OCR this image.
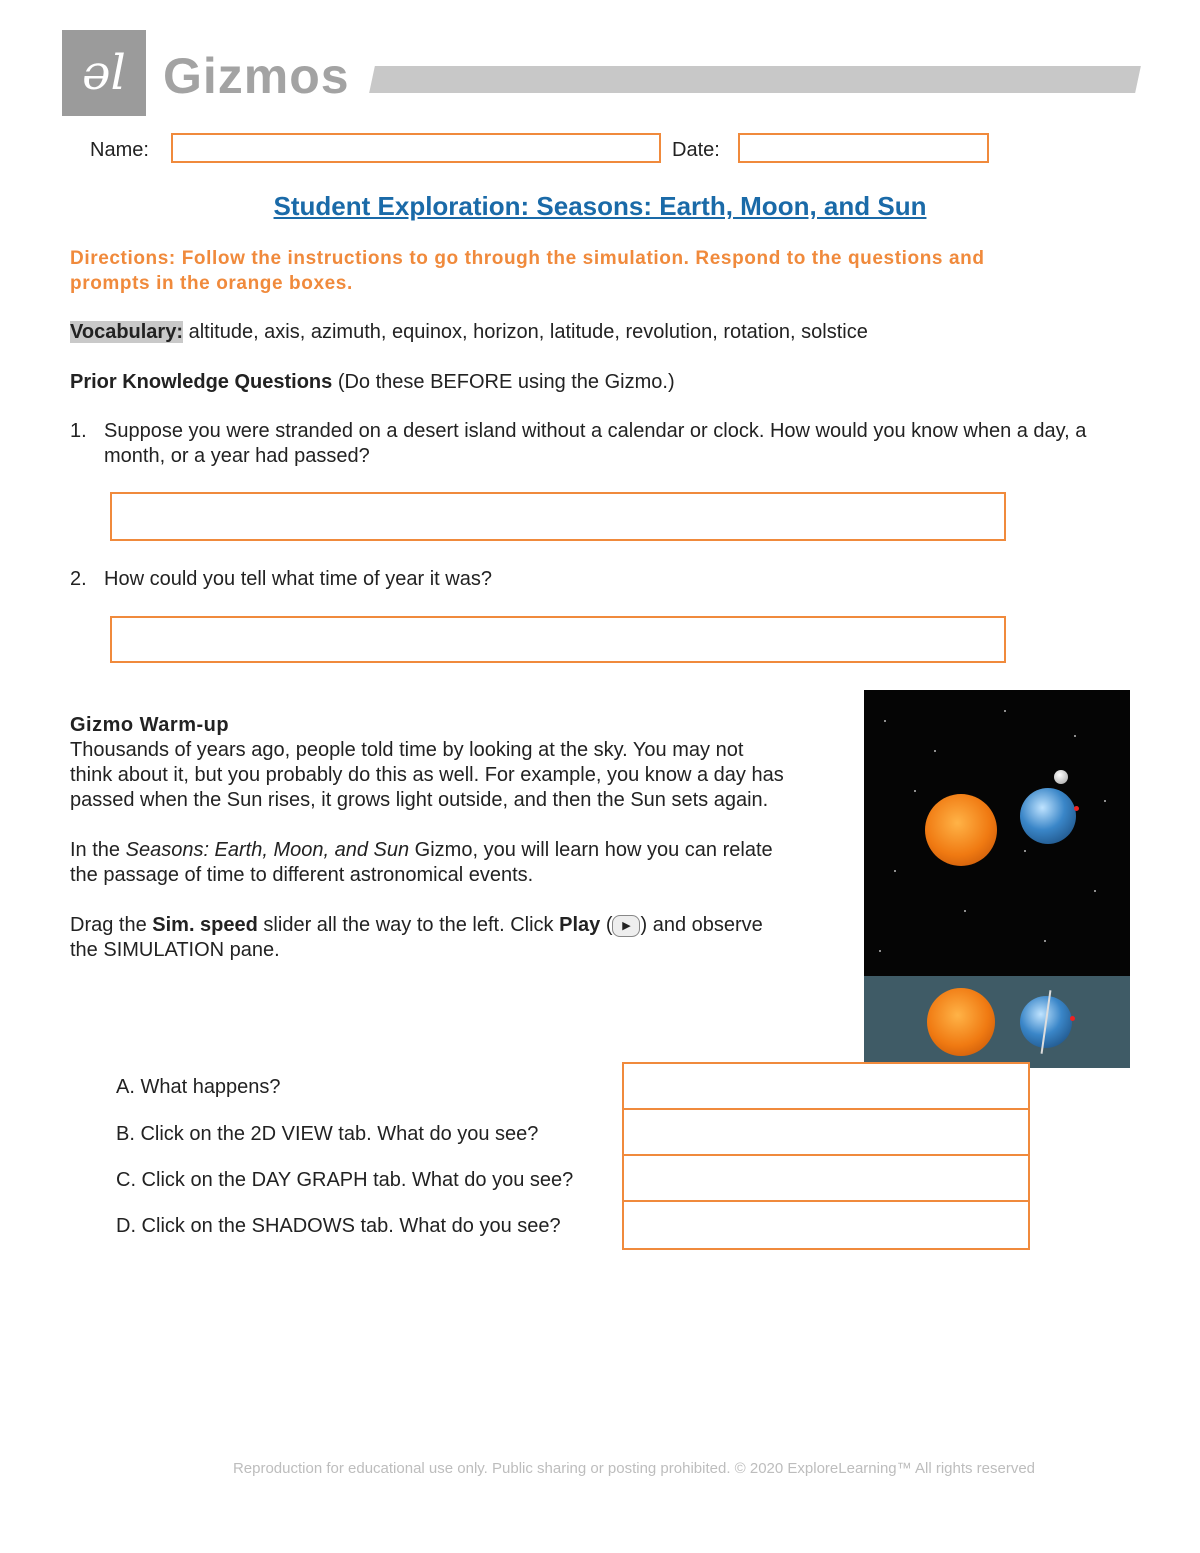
ǝl Gizmos
Name:	Date:
Student Exploration: Seasons: Earth, Moon, and Sun
Directions: Follow the instructions to go through the simulation. Respond to the questions and prompts in the orange boxes.
Vocabulary: altitude, axis, azimuth, equinox, horizon, latitude, revolution, rotation, solstice
Prior Knowledge Questions (Do these BEFORE using the Gizmo.)
1. Suppose you were stranded on a desert island without a calendar or clock. How would you know when a day, a month, or a year had passed?
2. How could you tell what time of year it was?
Gizmo Warm-up

Thousands of years ago, people told time by looking at the sky. You may not think about it, but you probably do this as well. For example, you know a day has passed when the Sun rises, it grows light outside, and then the Sun sets again.

In the Seasons: Earth, Moon, and Sun Gizmo, you will learn how you can relate the passage of time to different astronomical events.

Drag the Sim. speed slider all the way to the left. Click Play ( ▶ ) and observe the SIMULATION pane.

A. What happens?
B. Click on the 2D VIEW tab. What do you see?
C. Click on the DAY GRAPH tab. What do you see?
D. Click on the SHADOWS tab. What do you see?
Reproduction for educational use only. Public sharing or posting prohibited. © 2020 ExploreLearning™ All rights reserved
